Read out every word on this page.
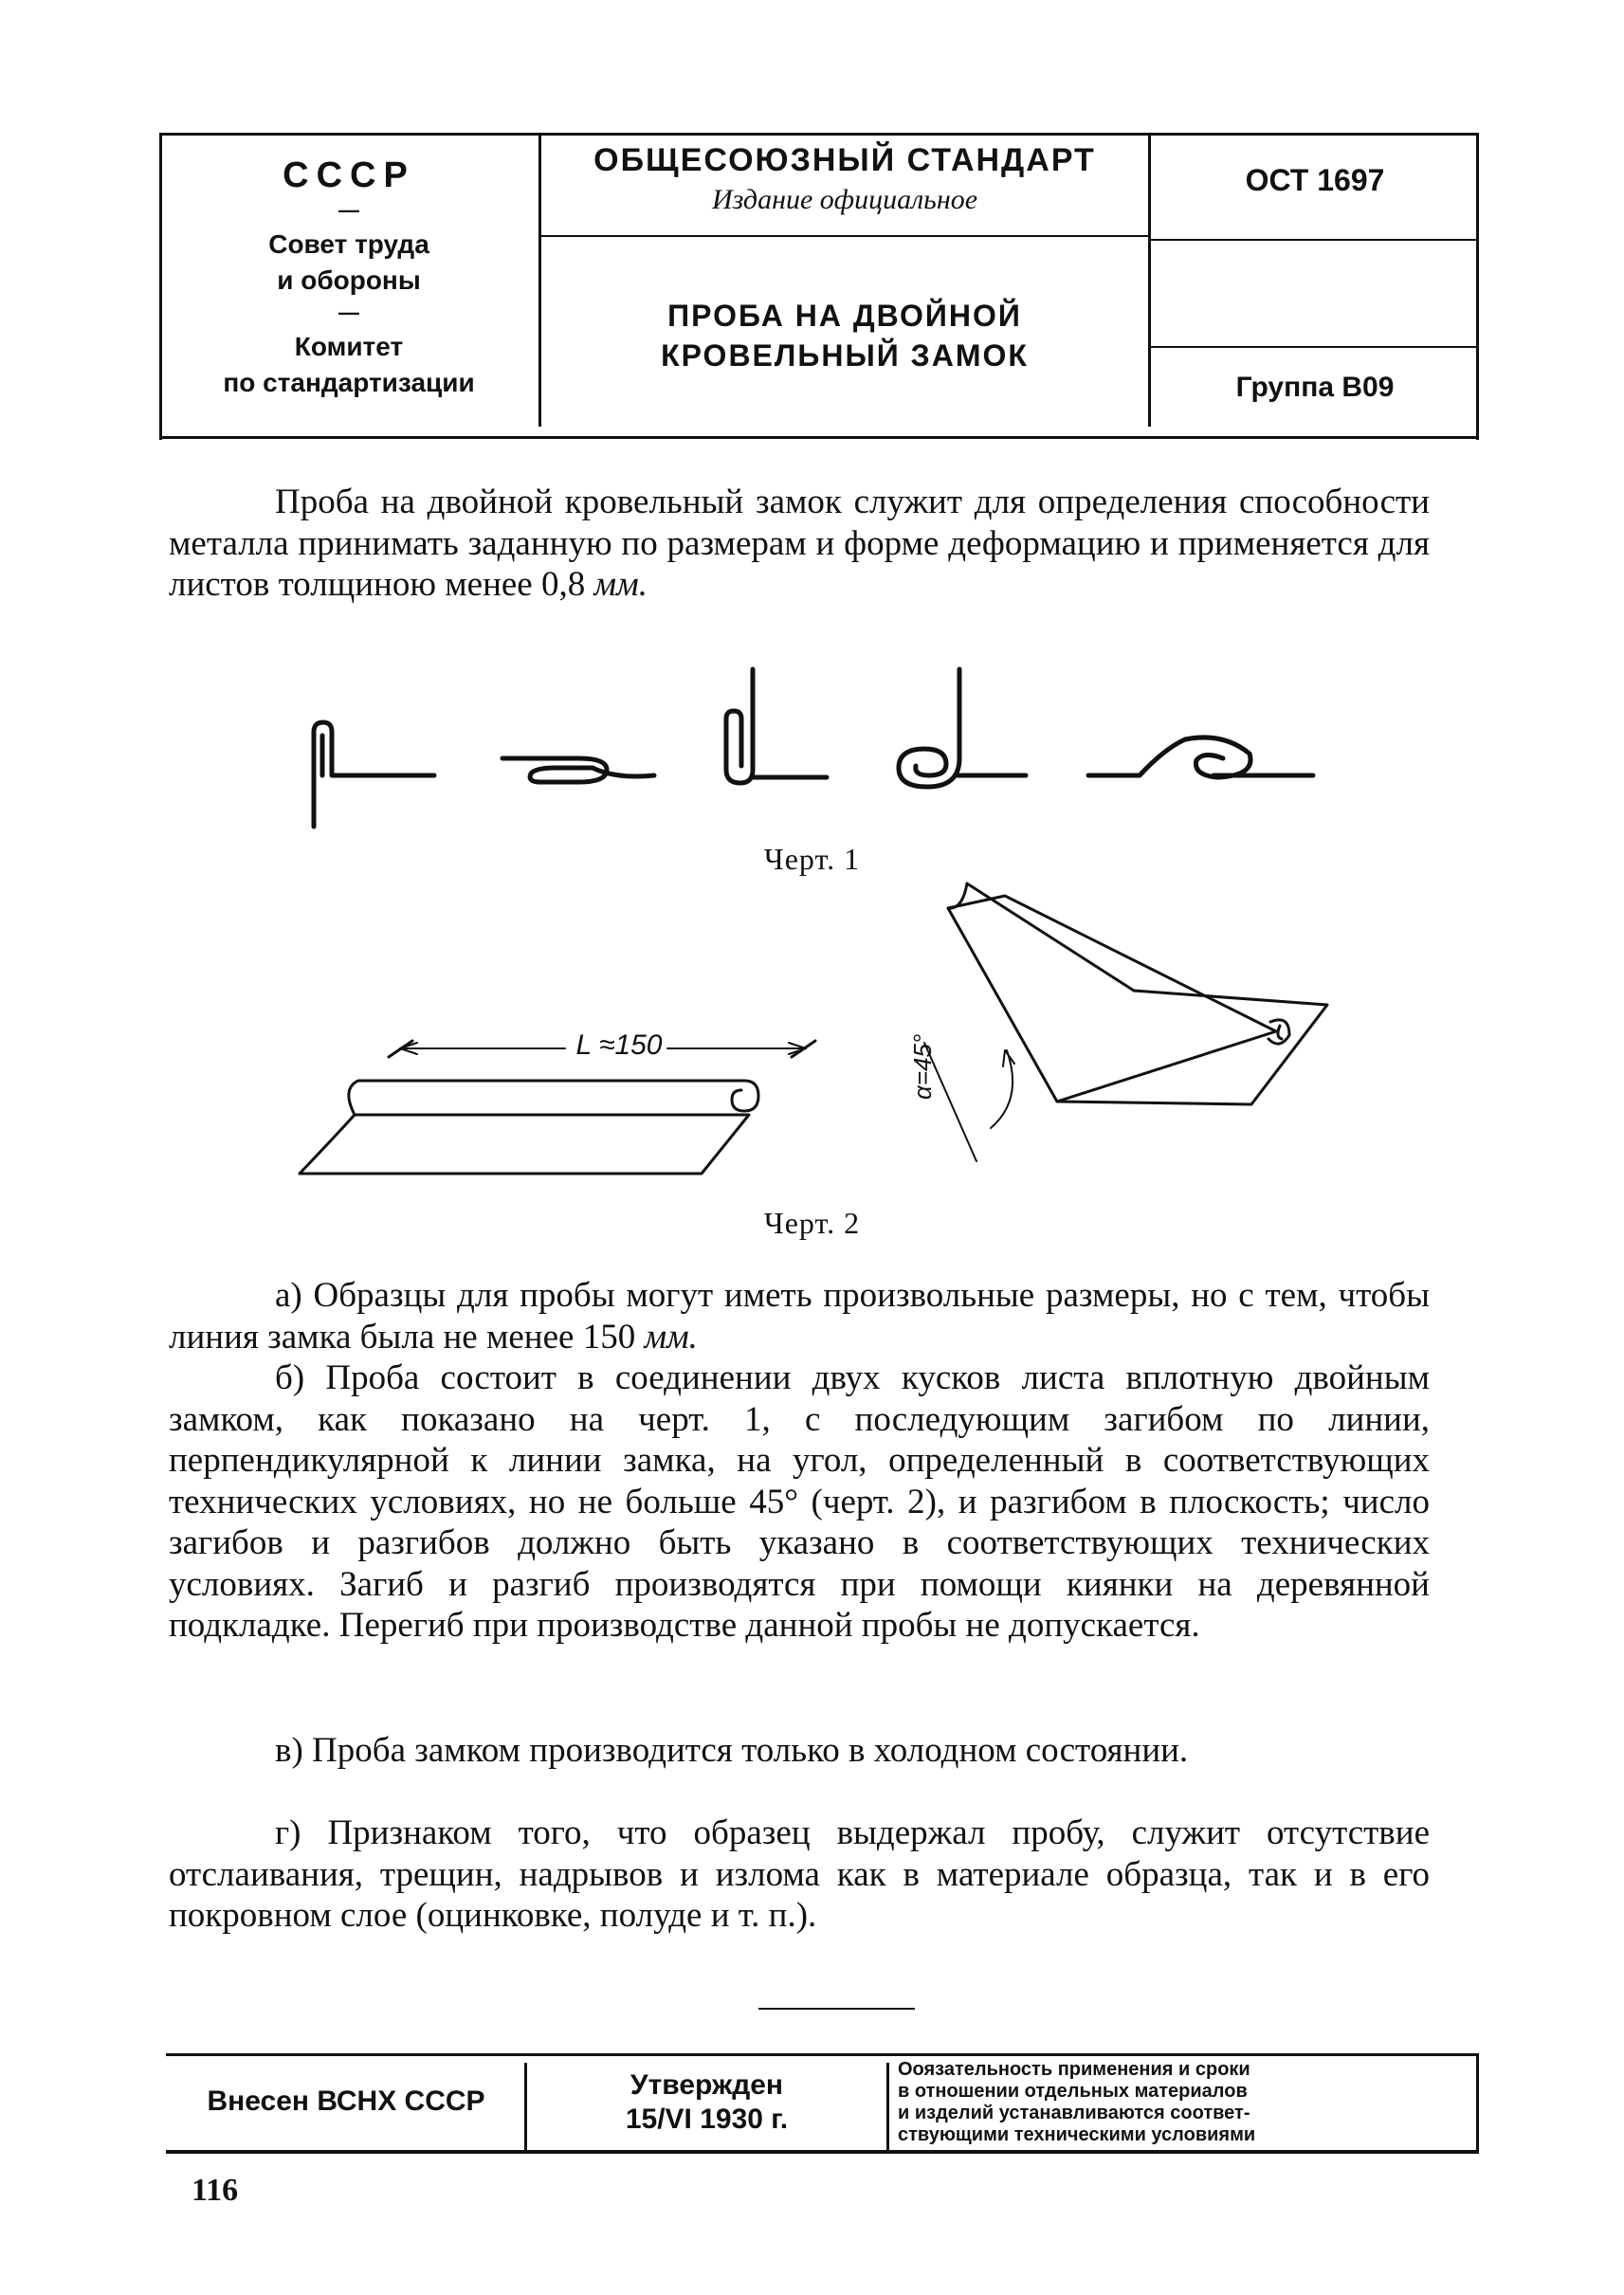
СССР
—
Совет труда
и обороны
—
Комитет
по стандартизации
ОБЩЕСОЮЗНЫЙ СТАНДАРТ
Издание официальное
ПРОБА НА ДВОЙНОЙ
КРОВЕЛЬНЫЙ ЗАМОК
ОСТ 1697
Группа В09
Проба на двойной кровельный замок служит для определения способности металла принимать заданную по размерам и форме деформацию и применяется для листов толщиною менее 0,8 мм.
Черт. 1
L ≈150	α=45°
Черт. 2
а) Образцы для пробы могут иметь произвольные размеры, но с тем, чтобы линия замка была не менее 150 мм.
б) Проба состоит в соединении двух кусков листа вплотную двойным замком, как показано на черт. 1, с последующим загибом по линии, перпендикулярной к линии замка, на угол, определенный в соответствующих технических условиях, но не больше 45° (черт. 2), и разгибом в плоскость; число загибов и разгибов должно быть указано в соответствующих технических условиях. Загиб и разгиб производятся при помощи киянки на деревянной подкладке. Перегиб при производстве данной пробы не допускается.
в) Проба замком производится только в холодном состоянии.
г) Признаком того, что образец выдержал пробу, служит отсутствие отслаивания, трещин, надрывов и излома как в материале образца, так и в его покровном слое (оцинковке, полуде и т. п.).
Внесен ВСНХ СССР
Утвержден
15/VI 1930 г.
Ооязательность применения и сроки
в отношении отдельных материалов
и изделий устанавливаются соответ-
ствующими техническими условиями
116
